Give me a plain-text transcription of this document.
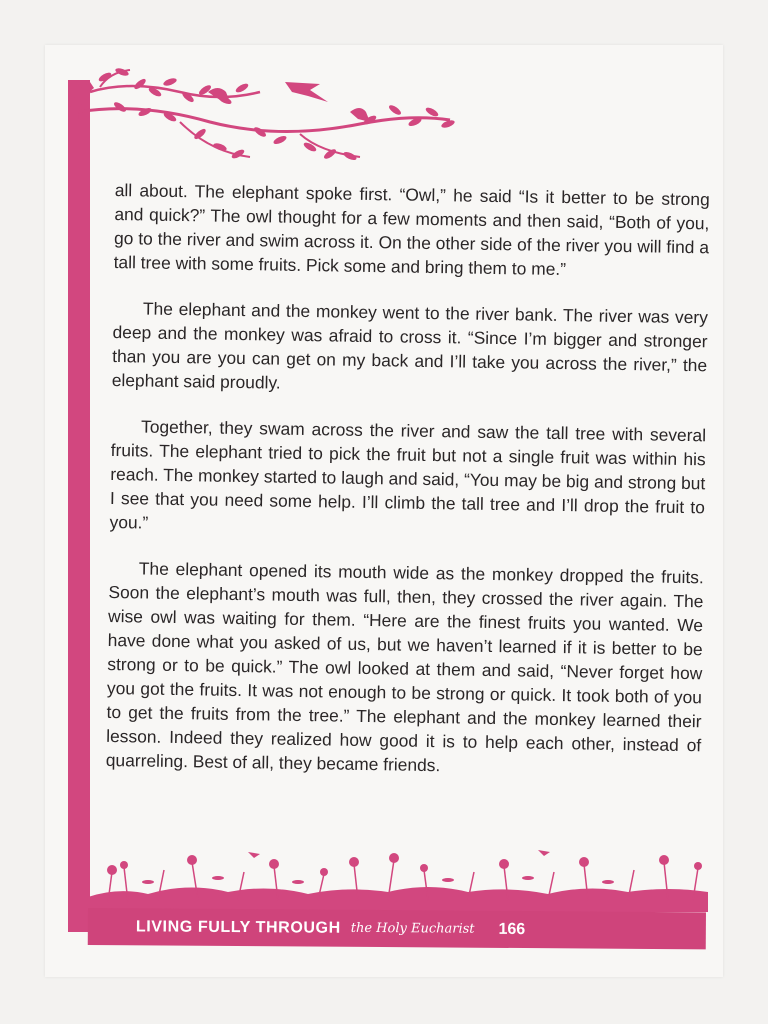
all about. The elephant spoke first. “Owl,” he said “Is it better to be strong and quick?” The owl thought for a few moments and then said, “Both of you, go to the river and swim across it. On the other side of the river you will find a tall tree with some fruits. Pick some and bring them to me.”

The elephant and the monkey went to the river bank. The river was very deep and the monkey was afraid to cross it. “Since I’m bigger and stronger than you are you can get on my back and I’ll take you across the river,” the elephant said proudly.

Together, they swam across the river and saw the tall tree with several fruits. The elephant tried to pick the fruit but not a single fruit was within his reach. The monkey started to laugh and said, “You may be big and strong but I see that you need some help. I’ll climb the tall tree and I’ll drop the fruit to you.”

The elephant opened its mouth wide as the monkey dropped the fruits. Soon the elephant’s mouth was full, then, they crossed the river again. The wise owl was waiting for them. “Here are the finest fruits you wanted. We have done what you asked of us, but we haven’t learned if it is better to be strong or to be quick.” The owl looked at them and said, “Never forget how you got the fruits. It was not enough to be strong or quick. It took both of you to get the fruits from the tree.” The elephant and the monkey learned their lesson. Indeed they realized how good it is to help each other, instead of quarreling. Best of all, they became friends.

LIVING FULLY THROUGH the Holy Eucharist 166
